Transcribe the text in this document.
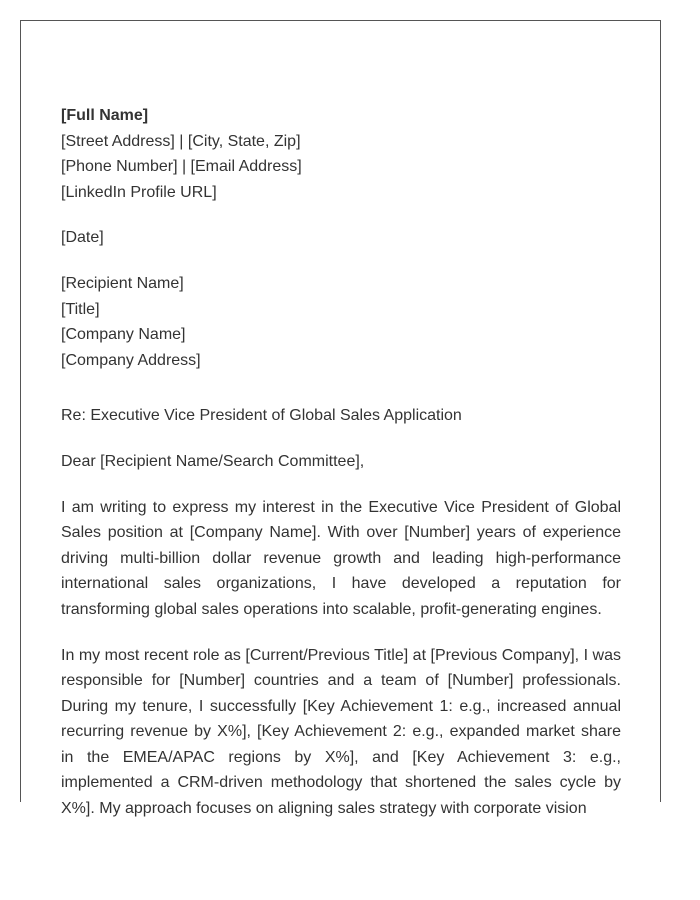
[Full Name]
[Street Address] | [City, State, Zip]
[Phone Number] | [Email Address]
[LinkedIn Profile URL]
[Date]
[Recipient Name]
[Title]
[Company Name]
[Company Address]
Re: Executive Vice President of Global Sales Application
Dear [Recipient Name/Search Committee],

I am writing to express my interest in the Executive Vice President of Global Sales position at [Company Name]. With over [Number] years of experience driving multi-billion dollar revenue growth and leading high-performance international sales organizations, I have developed a reputation for transforming global sales operations into scalable, profit-generating engines.

In my most recent role as [Current/Previous Title] at [Previous Company], I was responsible for [Number] countries and a team of [Number] professionals. During my tenure, I successfully [Key Achievement 1: e.g., increased annual recurring revenue by X%], [Key Achievement 2: e.g., expanded market share in the EMEA/APAC regions by X%], and [Key Achievement 3: e.g., implemented a CRM-driven methodology that shortened the sales cycle by X%]. My approach focuses on aligning sales strategy with corporate vision
